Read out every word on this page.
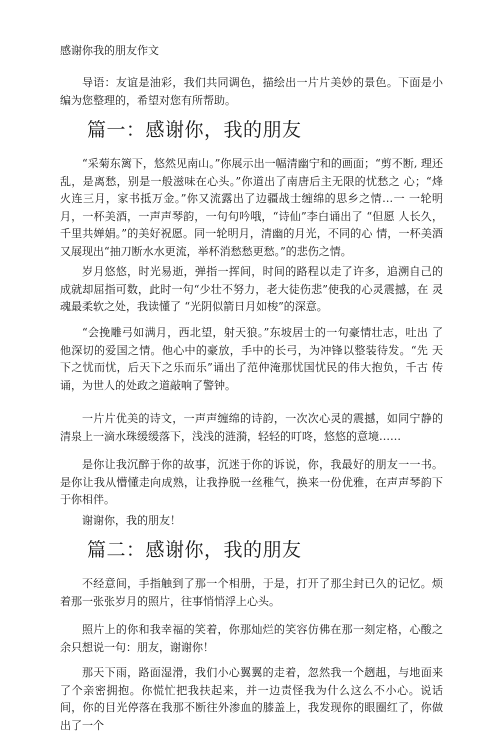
感谢你我的朋友作文

导语：友谊是油彩，我们共同调色，描绘出一片片美妙的景色。下面是小 编为您整理的，希望对您有所帮助。

篇一：感谢你，我的朋友

“采菊东篱下，悠然见南山。”你展示出一幅清幽宁和的画面；“剪不断, 理还乱，是离愁，别是一般滋味在心头。”你道出了南唐后主无限的忧愁之 心；“烽火连三月，家书抵万金。”你又流露出了边疆战士缠绵的思乡之情…一 一轮明月，一杯美酒，一声声琴韵，一句句吟哦，“诗仙”李白诵出了 “但愿 人长久，千里共婵娟。”的美好祝愿。同一轮明月，清幽的月光，不同的心 情，一杯美酒又展现出“抽刀断水水更流，举杯消愁愁更愁。”的悲伤之情。

岁月悠悠，时光易逝，弹指一挥间，时间的路程以走了许多，追溯自己的 成就却屈指可数，此时一句“少壮不努力，老大徒伤悲”使我的心灵震撼，在 灵魂最柔软之处，我读懂了 “光阴似箭日月如梭”的深意。

“会挽雕弓如满月，西北望，射天狼。”东坡居士的一句豪情壮志，吐出 了他深切的爱国之情。他心中的豪放，手中的长弓，为冲锋以整装待发。“先 天下之忧而忧，后天下之乐而乐”诵出了范仲淹那忧国忧民的伟大抱负，千古 传诵，为世人的处政之道敲响了警钟。

一片片优美的诗文，一声声缠绵的诗韵，一次次心灵的震撼，如同宁静的 清泉上一滴水珠缓缓落下，浅浅的涟漪，轻轻的叮咚，悠悠的意境……

是你让我沉醉于你的故事，沉迷于你的诉说，你，我最好的朋友一一书。 是你让我从懵懂走向成熟，让我挣脱一丝稚气，换来一份优雅，在声声琴韵下 于你相伴。

谢谢你，我的朋友！

篇二：感谢你，我的朋友

不经意间，手指触到了那一个相册，于是，打开了那尘封已久的记忆。烦 着那一张张岁月的照片，往事悄悄浮上心头。

照片上的你和我幸福的笑着，你那灿烂的笑容仿佛在那一刻定格，心酸之 余只想说一句：朋友，谢谢你！

那天下雨，路面湿滑，我们小心翼翼的走着，忽然我一个趔趄，与地面来 了个亲密拥抱。你慌忙把我扶起来，并一边责怪我为什么这么不小心。说话 间，你的目光停落在我那不断往外渗血的膝盖上，我发现你的眼圈红了，你做 出了一个
